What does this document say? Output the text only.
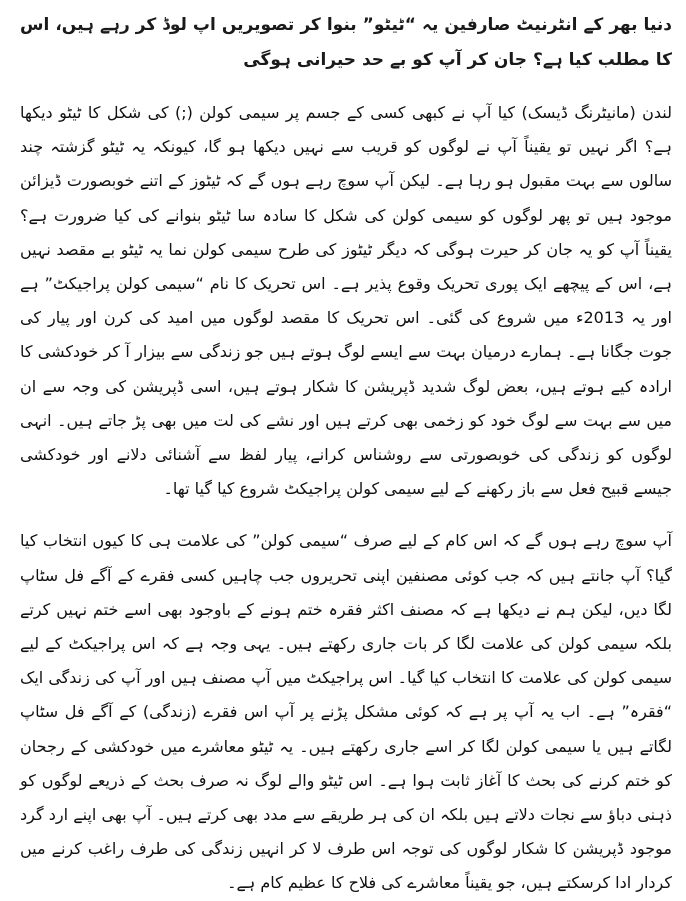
دنیا بھر کے انٹرنیٹ صارفین یہ “ٹیٹو” بنوا کر تصویریں اپ لوڈ کر رہے ہیں، اس کا مطلب کیا ہے؟ جان کر آپ کو بے حد حیرانی ہوگی

لندن (مانیٹرنگ ڈیسک) کیا آپ نے کبھی کسی کے جسم پر سیمی کولن (;) کی شکل کا ٹیٹو دیکھا ہے؟ اگر نہیں تو یقیناً آپ نے لوگوں کو قریب سے نہیں دیکھا ہو گا، کیونکہ یہ ٹیٹو گزشتہ چند سالوں سے بہت مقبول ہو رہا ہے۔ لیکن آپ سوچ رہے ہوں گے کہ ٹیٹوز کے اتنے خوبصورت ڈیزائن موجود ہیں تو پھر لوگوں کو سیمی کولن کی شکل کا سادہ سا ٹیٹو بنوانے کی کیا ضرورت ہے؟ یقیناً آپ کو یہ جان کر حیرت ہوگی کہ دیگر ٹیٹوز کی طرح سیمی کولن نما یہ ٹیٹو بے مقصد نہیں ہے، اس کے پیچھے ایک پوری تحریک وقوع پذیر ہے۔ اس تحریک کا نام “سیمی کولن پراجیکٹ” ہے اور یہ 2013ء میں شروع کی گئی۔ اس تحریک کا مقصد لوگوں میں امید کی کرن اور پیار کی جوت جگانا ہے۔ ہمارے درمیان بہت سے ایسے لوگ ہوتے ہیں جو زندگی سے بیزار آ کر خودکشی کا ارادہ کیے ہوتے ہیں، بعض لوگ شدید ڈپریشن کا شکار ہوتے ہیں، اسی ڈپریشن کی وجہ سے ان میں سے بہت سے لوگ خود کو زخمی بھی کرتے ہیں اور نشے کی لت میں بھی پڑ جاتے ہیں۔ انہی لوگوں کو زندگی کی خوبصورتی سے روشناس کرانے، پیار لفظ سے آشنائی دلانے اور خودکشی جیسے قبیح فعل سے باز رکھنے کے لیے سیمی کولن پراجیکٹ شروع کیا گیا تھا۔

آپ سوچ رہے ہوں گے کہ اس کام کے لیے صرف “سیمی کولن” کی علامت ہی کا کیوں انتخاب کیا گیا؟ آپ جانتے ہیں کہ جب کوئی مصنفین اپنی تحریروں جب چاہیں کسی فقرے کے آگے فل سٹاپ لگا دیں، لیکن ہم نے دیکھا ہے کہ مصنف اکثر فقرہ ختم ہونے کے باوجود بھی اسے ختم نہیں کرتے بلکہ سیمی کولن کی علامت لگا کر بات جاری رکھتے ہیں۔ یہی وجہ ہے کہ اس پراجیکٹ کے لیے سیمی کولن کی علامت کا انتخاب کیا گیا۔ اس پراجیکٹ میں آپ مصنف ہیں اور آپ کی زندگی ایک “فقرہ” ہے۔ اب یہ آپ پر ہے کہ کوئی مشکل پڑنے پر آپ اس فقرے (زندگی) کے آگے فل سٹاپ لگاتے ہیں یا سیمی کولن لگا کر اسے جاری رکھتے ہیں۔ یہ ٹیٹو معاشرے میں خودکشی کے رجحان کو ختم کرنے کی بحث کا آغاز ثابت ہوا ہے۔ اس ٹیٹو والے لوگ نہ صرف بحث کے ذریعے لوگوں کو ذہنی دباؤ سے نجات دلاتے ہیں بلکہ ان کی ہر طریقے سے مدد بھی کرتے ہیں۔ آپ بھی اپنے ارد گرد موجود ڈپریشن کا شکار لوگوں کی توجہ اس طرف لا کر انہیں زندگی کی طرف راغب کرنے میں کردار ادا کرسکتے ہیں، جو یقیناً معاشرے کی فلاح کا عظیم کام ہے۔
